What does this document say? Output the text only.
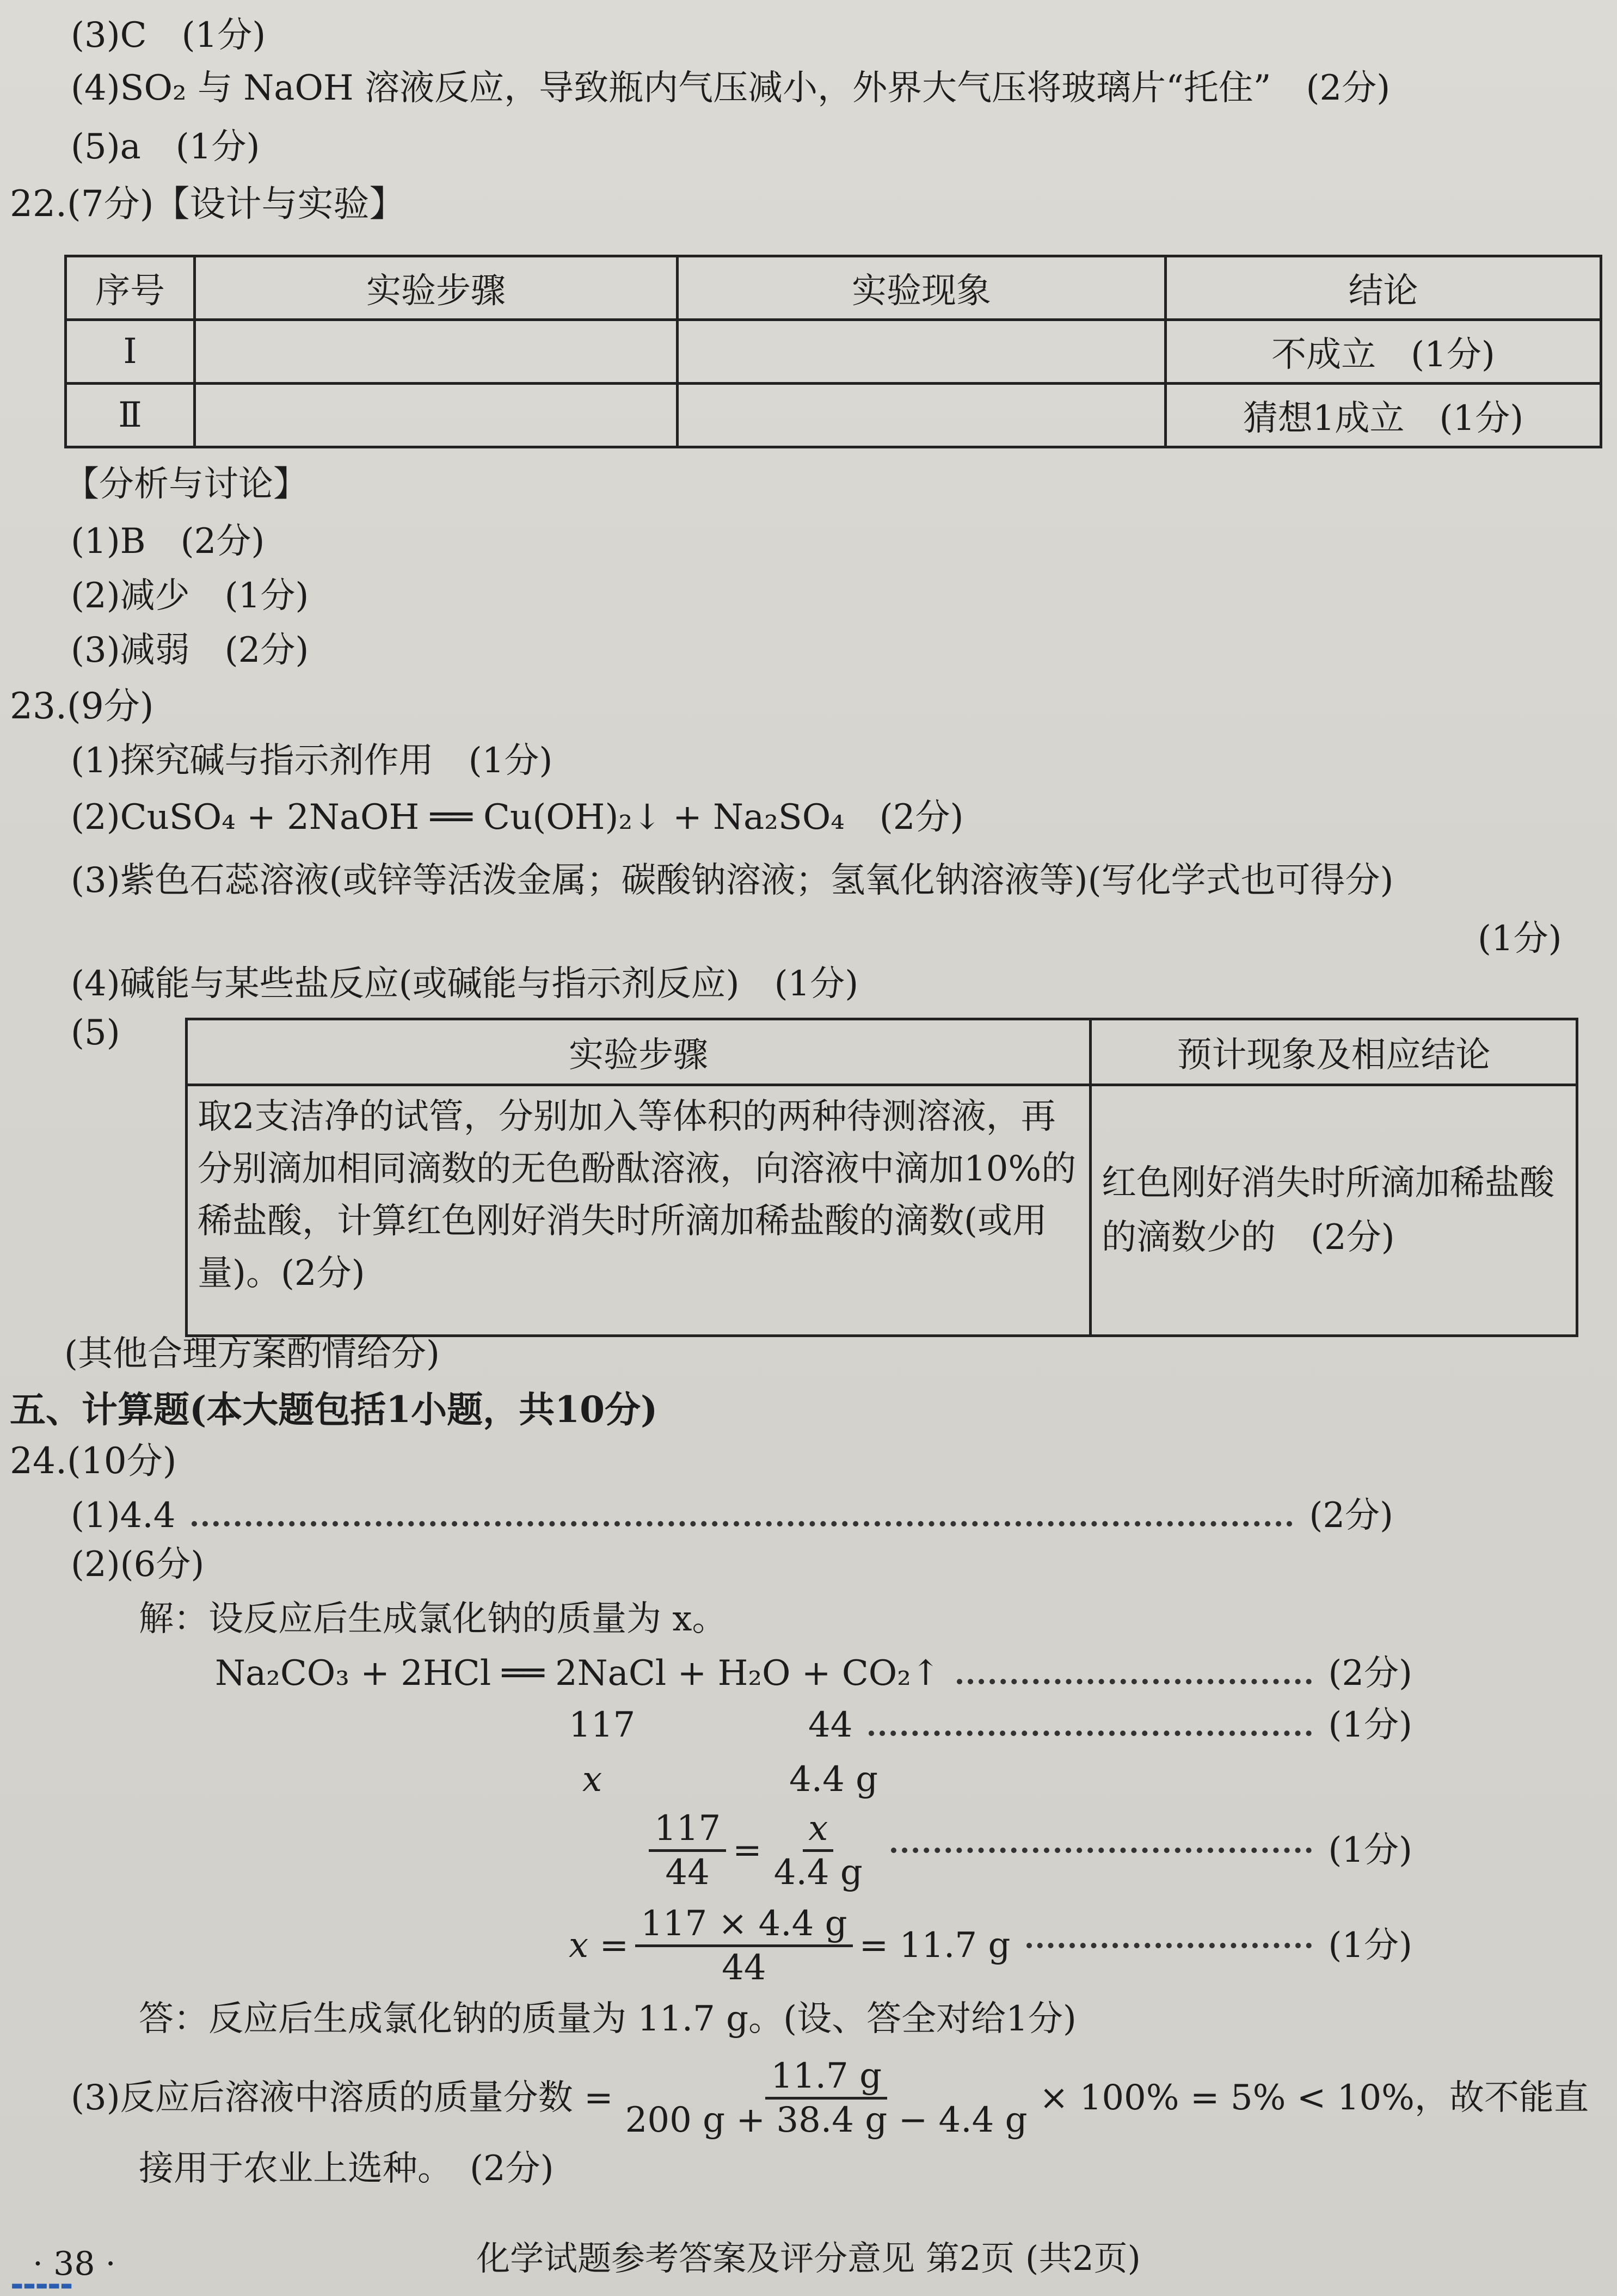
(3)C　(1分)
(4)SO₂ 与 NaOH 溶液反应，导致瓶内气压减小，外界大气压将玻璃片“托住”　(2分)
(5)a　(1分)
22.(7分)【设计与实验】
序号	实验步骤	实验现象	结论
Ⅰ			不成立　(1分)
Ⅱ			猜想1成立　(1分)
【分析与讨论】
(1)B　(2分)
(2)减少　(1分)
(3)减弱　(2分)
23.(9分)
(1)探究碱与指示剂作用　(1分)
(2)CuSO₄ + 2NaOH ══ Cu(OH)₂↓ + Na₂SO₄　(2分)
(3)紫色石蕊溶液(或锌等活泼金属；碳酸钠溶液；氢氧化钠溶液等)(写化学式也可得分)
(1分)
(4)碱能与某些盐反应(或碱能与指示剂反应)　(1分)
(5)
实验步骤	预计现象及相应结论
取2支洁净的试管，分别加入等体积的两种待测溶液，再分别滴加相同滴数的无色酚酞溶液，向溶液中滴加10%的稀盐酸，计算红色刚好消失时所滴加稀盐酸的滴数(或用量)。(2分)	红色刚好消失时所滴加稀盐酸的滴数少的　(2分)
(其他合理方案酌情给分)
五、计算题(本大题包括1小题，共10分)
24.(10分)
(1)4.4	(2分)
(2)(6分)
解：设反应后生成氯化钠的质量为 x。
Na₂CO₃ + 2HCl ══ 2NaCl + H₂O + CO₂↑	(2分)
117	44	(1分)
x	4.4 g
$\frac{117}{44} = \frac{x}{4.4 g}$	(1分)
$x = \frac{117 \times 4.4 g}{44} = 11.7$ g	(1分)
答：反应后生成氯化钠的质量为 11.7 g。(设、答全对给1分)
(3)反应后溶液中溶质的质量分数 = $\frac{11.7 g}{200 g + 38.4 g - 4.4 g} \times 100\% = 5\% < 10\%$，故不能直
接用于农业上选种。　(2分)
· 38 ·	化学试题参考答案及评分意见 第2页 (共2页)
▬▬▬▬▬
